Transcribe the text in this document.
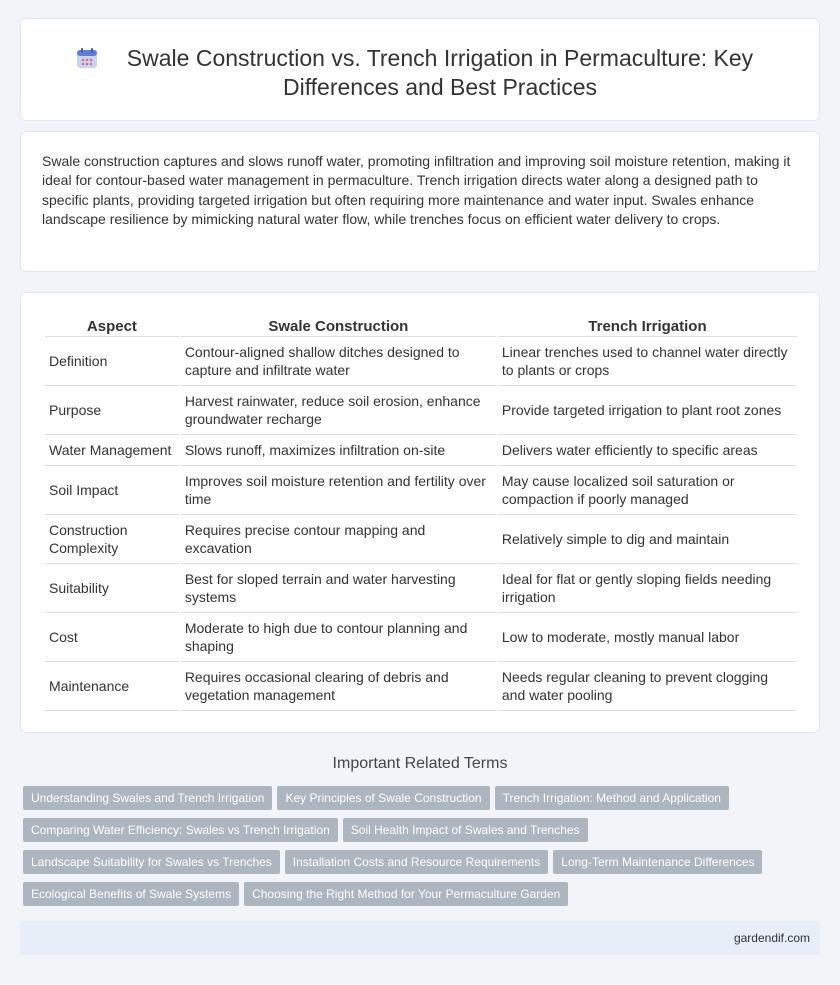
Swale Construction vs. Trench Irrigation in Permaculture: Key Differences and Best Practices

Swale construction captures and slows runoff water, promoting infiltration and improving soil moisture retention, making it ideal for contour-based water management in permaculture. Trench irrigation directs water along a designed path to specific plants, providing targeted irrigation but often requiring more maintenance and water input. Swales enhance landscape resilience by mimicking natural water flow, while trenches focus on efficient water delivery to crops.

Aspect	Swale Construction	Trench Irrigation
Definition	Contour-aligned shallow ditches designed to capture and infiltrate water	Linear trenches used to channel water directly to plants or crops
Purpose	Harvest rainwater, reduce soil erosion, enhance groundwater recharge	Provide targeted irrigation to plant root zones
Water Management	Slows runoff, maximizes infiltration on-site	Delivers water efficiently to specific areas
Soil Impact	Improves soil moisture retention and fertility over time	May cause localized soil saturation or compaction if poorly managed
Construction Complexity	Requires precise contour mapping and excavation	Relatively simple to dig and maintain
Suitability	Best for sloped terrain and water harvesting systems	Ideal for flat or gently sloping fields needing irrigation
Cost	Moderate to high due to contour planning and shaping	Low to moderate, mostly manual labor
Maintenance	Requires occasional clearing of debris and vegetation management	Needs regular cleaning to prevent clogging and water pooling
Important Related Terms
Understanding Swales and Trench Irrigation Key Principles of Swale Construction Trench Irrigation: Method and Application
Comparing Water Efficiency: Swales vs Trench Irrigation Soil Health Impact of Swales and Trenches
Landscape Suitability for Swales vs Trenches Installation Costs and Resource Requirements Long-Term Maintenance Differences
Ecological Benefits of Swale Systems Choosing the Right Method for Your Permaculture Garden
gardendif.com
